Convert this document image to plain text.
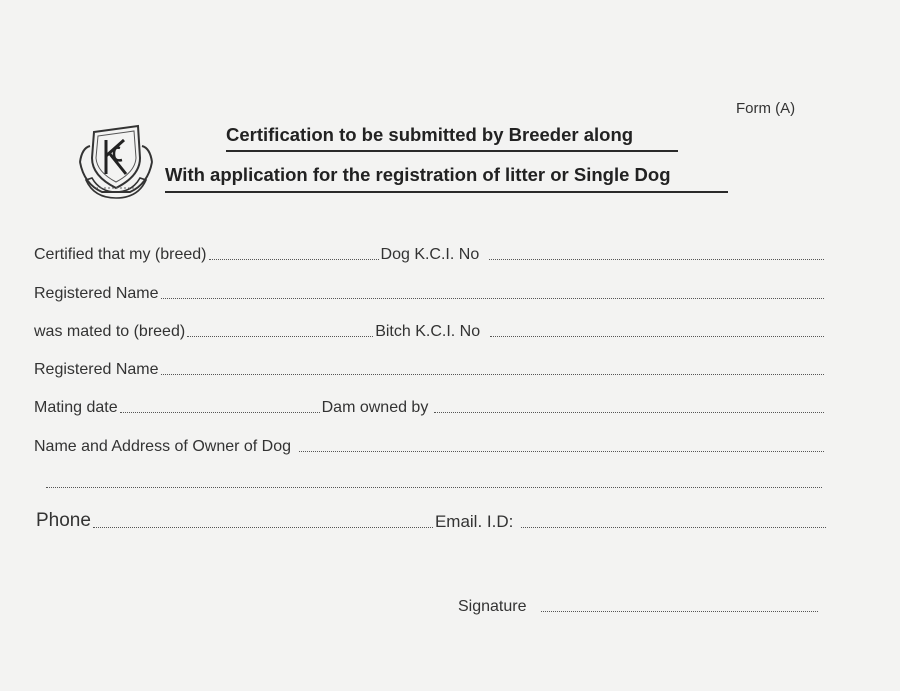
Form (A)
Certification to be submitted by Breeder along
With application for the registration of litter or Single Dog
Certified that my (breed)	Dog K.C.I. No
Registered Name
was mated to (breed)	Bitch K.C.I. No
Registered Name
Mating date	Dam owned by
Name and Address of Owner of Dog
Phone	Email. I.D:
Signature
